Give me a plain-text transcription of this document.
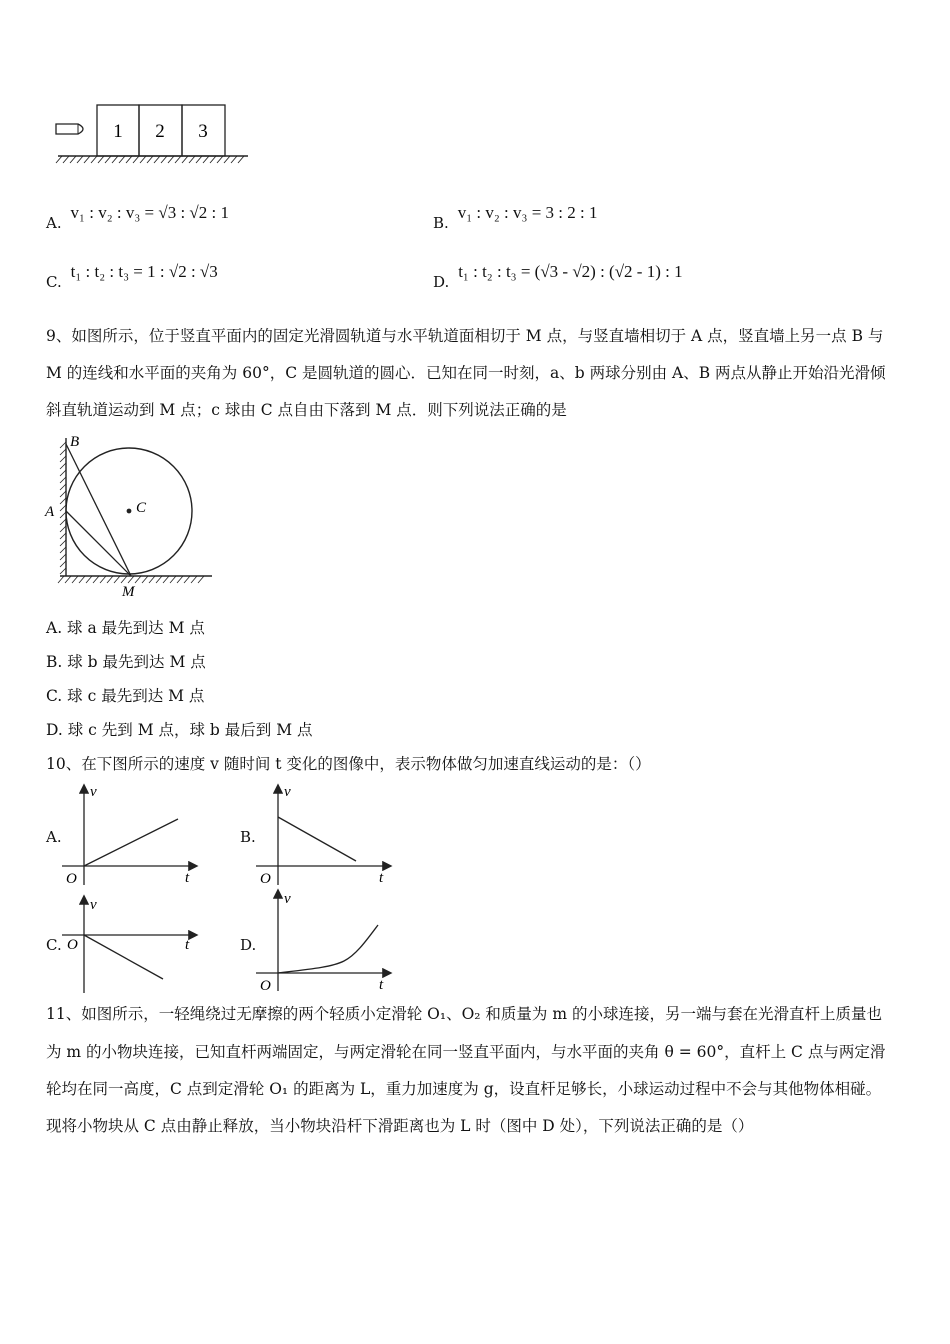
1 2 3
A. v₁ : v₂ : v₃ = √3 : √2 : 1
B. v₁ : v₂ : v₃ = 3 : 2 : 1
C. t₁ : t₂ : t₃ = 1 : √2 : √3
D. t₁ : t₂ : t₃ = (√3 - √2) : (√2 - 1) : 1
9、如图所示，位于竖直平面内的固定光滑圆轨道与水平轨道面相切于 M 点，与竖直墙相切于 A 点，竖直墙上另一点 B 与
M 的连线和水平面的夹角为 60°，C 是圆轨道的圆心．已知在同一时刻，a、b 两球分别由 A、B 两点从静止开始沿光滑倾
斜直轨道运动到 M 点；c 球由 C 点自由下落到 M 点．则下列说法正确的是
B
A	C
M
A. 球 a 最先到达 M 点
B. 球 b 最先到达 M 点
C. 球 c 最先到达 M 点
D. 球 c 先到 M 点，球 b 最后到 M 点
10、在下图所示的速度 v 随时间 t 变化的图像中，表示物体做匀加速直线运动的是：（）
A.
v
t
O
B.
v
t
O
C.
v
t
O	D.
v
t
O
11、如图所示，一轻绳绕过无摩擦的两个轻质小定滑轮 O₁、O₂ 和质量为 m 的小球连接，另一端与套在光滑直杆上质量也
为 m 的小物块连接，已知直杆两端固定，与两定滑轮在同一竖直平面内，与水平面的夹角 θ = 60°，直杆上 C 点与两定滑
轮均在同一高度，C 点到定滑轮 O₁ 的距离为 L，重力加速度为 g，设直杆足够长，小球运动过程中不会与其他物体相碰。
现将小物块从 C 点由静止释放，当小物块沿杆下滑距离也为 L 时（图中 D 处），下列说法正确的是（）
